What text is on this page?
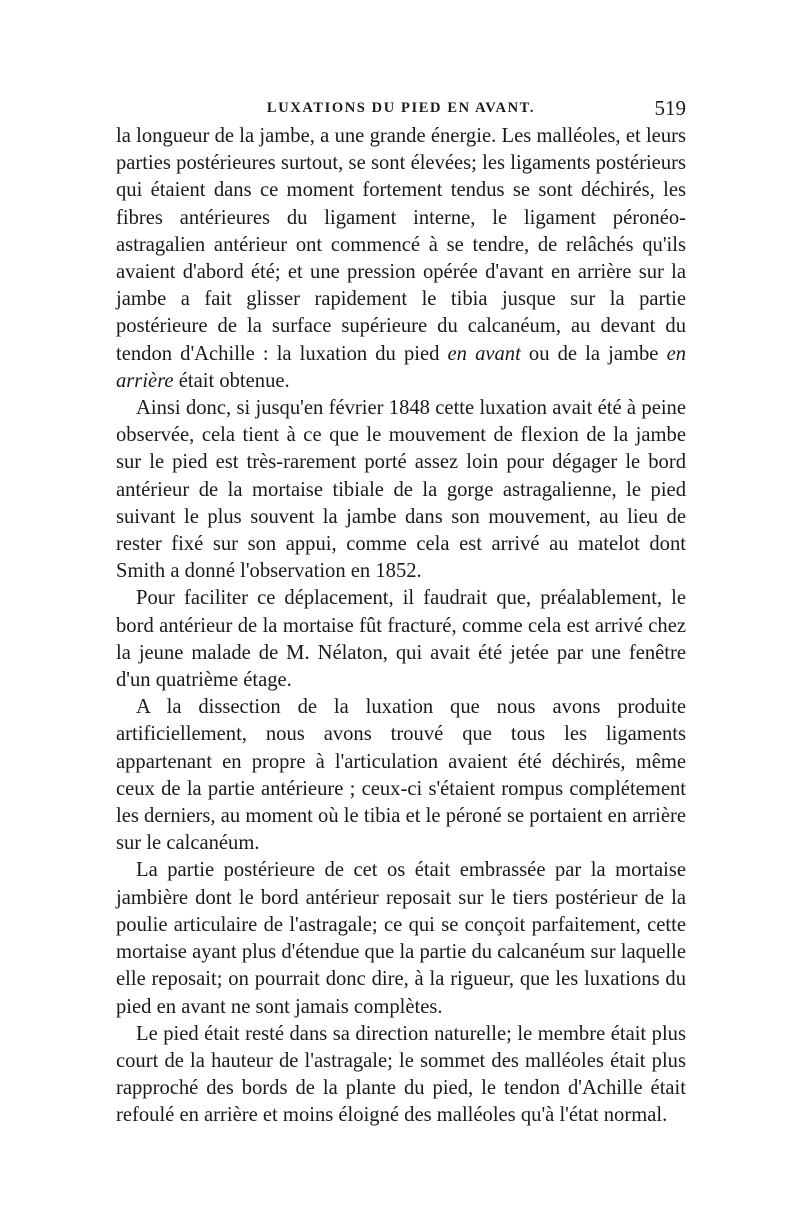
LUXATIONS DU PIED EN AVANT.	519

la longueur de la jambe, a une grande énergie. Les malléoles, et leurs parties postérieures surtout, se sont élevées; les ligaments postérieurs qui étaient dans ce moment fortement tendus se sont déchirés, les fibres antérieures du ligament interne, le ligament péronéo-astragalien antérieur ont commencé à se tendre, de relâchés qu'ils avaient d'abord été; et une pression opérée d'avant en arrière sur la jambe a fait glisser rapidement le tibia jusque sur la partie postérieure de la surface supérieure du calcanéum, au devant du tendon d'Achille : la luxation du pied en avant ou de la jambe en arrière était obtenue.

Ainsi donc, si jusqu'en février 1848 cette luxation avait été à peine observée, cela tient à ce que le mouvement de flexion de la jambe sur le pied est très-rarement porté assez loin pour dégager le bord antérieur de la mortaise tibiale de la gorge astragalienne, le pied suivant le plus souvent la jambe dans son mouvement, au lieu de rester fixé sur son appui, comme cela est arrivé au matelot dont Smith a donné l'observation en 1852.

Pour faciliter ce déplacement, il faudrait que, préalablement, le bord antérieur de la mortaise fût fracturé, comme cela est arrivé chez la jeune malade de M. Nélaton, qui avait été jetée par une fenêtre d'un quatrième étage.

A la dissection de la luxation que nous avons produite artificiellement, nous avons trouvé que tous les ligaments appartenant en propre à l'articulation avaient été déchirés, même ceux de la partie antérieure ; ceux-ci s'étaient rompus complétement les derniers, au moment où le tibia et le péroné se portaient en arrière sur le calcanéum.

La partie postérieure de cet os était embrassée par la mortaise jambière dont le bord antérieur reposait sur le tiers postérieur de la poulie articulaire de l'astragale; ce qui se conçoit parfaitement, cette mortaise ayant plus d'étendue que la partie du calcanéum sur laquelle elle reposait; on pourrait donc dire, à la rigueur, que les luxations du pied en avant ne sont jamais complètes.

Le pied était resté dans sa direction naturelle; le membre était plus court de la hauteur de l'astragale; le sommet des malléoles était plus rapproché des bords de la plante du pied, le tendon d'Achille était refoulé en arrière et moins éloigné des malléoles qu'à l'état normal.
